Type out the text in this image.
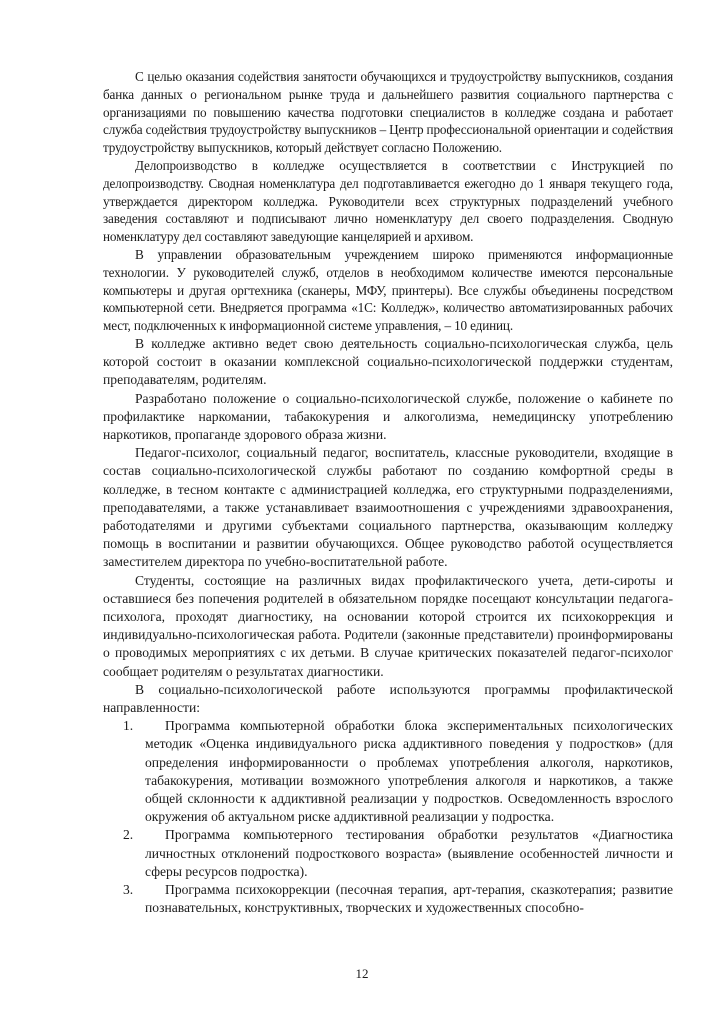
С целью оказания содействия занятости обучающихся и трудоустройству выпускников, создания банка данных о региональном рынке труда и дальнейшего развития социального партнерства с организациями по повышению качества подготовки специалистов в колледже создана и работает служба содействия трудоустройству выпускников – Центр профессиональной ориентации и содействия трудоустройству выпускников, который действует согласно Положению.

Делопроизводство в колледже осуществляется в соответствии с Инструкцией по делопроизводству. Сводная номенклатура дел подготавливается ежегодно до 1 января текущего года, утверждается директором колледжа. Руководители всех структурных подразделений учебного заведения составляют и подписывают лично номенклатуру дел своего подразделения. Сводную номенклатуру дел составляют заведующие канцелярией и архивом.

В управлении образовательным учреждением широко применяются информационные технологии. У руководителей служб, отделов в необходимом количестве имеются персональные компьютеры и другая оргтехника (сканеры, МФУ, принтеры). Все службы объединены посредством компьютерной сети. Внедряется программа «1С: Колледж», количество автоматизированных рабочих мест, подключенных к информационной системе управления, – 10 единиц.

В колледже активно ведет свою деятельность социально-психологическая служба, цель которой состоит в оказании комплексной социально-психологической поддержки студентам, преподавателям, родителям.

Разработано положение о социально-психологической службе, положение о кабинете по профилактике наркомании, табакокурения и алкоголизма, немедицинску употреблению наркотиков, пропаганде здорового образа жизни.

Педагог-психолог, социальный педагог, воспитатель, классные руководители, входящие в состав социально-психологической службы работают по созданию комфортной среды в колледже, в тесном контакте с администрацией колледжа, его структурными подразделениями, преподавателями, а также устанавливает взаимоотношения с учреждениями здравоохранения, работодателями и другими субъектами социального партнерства, оказывающим колледжу помощь в воспитании и развитии обучающихся. Общее руководство работой осуществляется заместителем директора по учебно-воспитательной работе.

Студенты, состоящие на различных видах профилактического учета, дети-сироты и оставшиеся без попечения родителей в обязательном порядке посещают консультации педагога-психолога, проходят диагностику, на основании которой строится их психокоррекция и индивидуально-психологическая работа. Родители (законные представители) проинформированы о проводимых мероприятиях с их детьми. В случае критических показателей педагог-психолог сообщает родителям о результатах диагностики.

В социально-психологической работе используются программы профилактической направленности:

1. Программа компьютерной обработки блока экспериментальных психологических методик «Оценка индивидуального риска аддиктивного поведения у подростков» (для определения информированности о проблемах употребления алкоголя, наркотиков, табакокурения, мотивации возможного употребления алкоголя и наркотиков, а также общей склонности к аддиктивной реализации у подростков. Осведомленность взрослого окружения об актуальном риске аддиктивной реализации у подростка.
2. Программа компьютерного тестирования обработки результатов «Диагностика личностных отклонений подросткового возраста» (выявление особенностей личности и сферы ресурсов подростка).
3. Программа психокоррекции (песочная терапия, арт-терапия, сказкотерапия; развитие познавательных, конструктивных, творческих и художественных способно-
12
